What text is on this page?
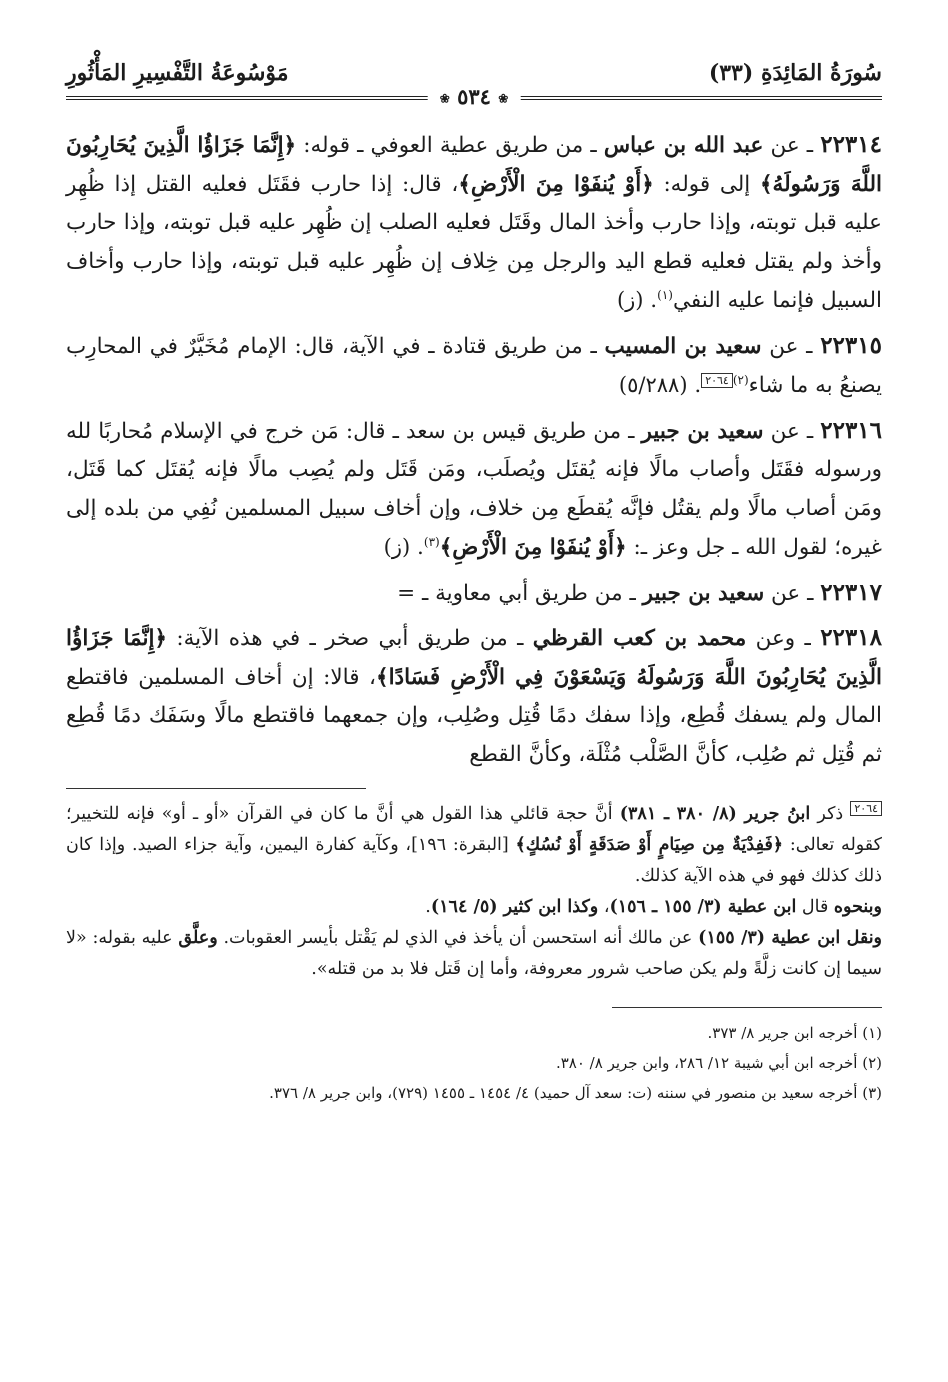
سُورَةُ المَائِدَةِ (٣٣)
مَوْسُوعَةُ التَّفْسِيرِ المَأْثُورِ
❀ ٥٣٤ ❀

٢٢٣١٤ ـ عن عبد الله بن عباس ـ من طريق عطية العوفي ـ قوله: ﴿إِنَّمَا جَزَاؤُا الَّذِينَ يُحَارِبُونَ اللَّهَ وَرَسُولَهُ﴾ إلى قوله: ﴿أَوْ يُنفَوْا مِنَ الْأَرْضِ﴾، قال: إذا حارب فقَتَل فعليه القتل إذا ظُهِر عليه قبل توبته، وإذا حارب وأخذ المال وقَتَل فعليه الصلب إن ظُهِر عليه قبل توبته، وإذا حارب وأخذ ولم يقتل فعليه قطع اليد والرجل مِن خِلاف إن ظُهِر عليه قبل توبته، وإذا حارب وأخاف السبيل فإنما عليه النفي$^{(١)}$. (ز)

٢٢٣١٥ ـ عن سعيد بن المسيب ـ من طريق قتادة ـ في الآية، قال: الإمام مُخَيَّرٌ في المحارِب يصنعُ به ما شاء$^{(٢)}$٢٠٦٤. (٥/٢٨٨)

٢٢٣١٦ ـ عن سعيد بن جبير ـ من طريق قيس بن سعد ـ قال: مَن خرج في الإسلام مُحاربًا لله ورسوله فقَتَل وأصاب مالًا فإنه يُقتَل ويُصلَب، ومَن قَتَل ولم يُصِب مالًا فإنه يُقتَل كما قَتَل، ومَن أصاب مالًا ولم يقتُل فإنَّه يُقطَع مِن خلاف، وإن أخاف سبيل المسلمين نُفِي من بلده إلى غيره؛ لقول الله ـ جل وعز ـ: ﴿أَوْ يُنفَوْا مِنَ الْأَرْضِ﴾$^{(٣)}$. (ز)

٢٢٣١٧ ـ عن سعيد بن جبير ـ من طريق أبي معاوية ـ =

٢٢٣١٨ ـ وعن محمد بن كعب القرظي ـ من طريق أبي صخر ـ في هذه الآية: ﴿إِنَّمَا جَزَاؤُا الَّذِينَ يُحَارِبُونَ اللَّهَ وَرَسُولَهُ وَيَسْعَوْنَ فِي الْأَرْضِ فَسَادًا﴾، قالا: إن أخاف المسلمين فاقتطع المال ولم يسفك قُطِع، وإذا سفك دمًا قُتِل وصُلِب، وإن جمعهما فاقتطع مالًا وسَفَك دمًا قُطِع ثم قُتِل ثم صُلِب، كأنَّ الصَّلْب مُثْلَة، وكأنَّ القطع

٢٠٦٤ ذكر ابنُ جرير (٨/ ٣٨٠ ـ ٣٨١) أنَّ حجة قائلي هذا القول هي أنَّ ما كان في القرآن «أو ـ أو» فإنه للتخيير؛ كقوله تعالى: ﴿فَفِدْيَةٌ مِن صِيَامٍ أَوْ صَدَقَةٍ أَوْ نُسُكٍ﴾ [البقرة: ١٩٦]، وكآية كفارة اليمين، وآية جزاء الصيد. وإذا كان ذلك كذلك فهو في هذه الآية كذلك.

وبنحوه قال ابن عطية (٣/ ١٥٥ ـ ١٥٦)، وكذا ابن كثير (٥/ ١٦٤).

ونقل ابن عطية (٣/ ١٥٥) عن مالك أنه استحسن أن يأخذ في الذي لم يَقْتل بأيسر العقوبات. وعلَّق عليه بقوله: «لا سيما إن كانت زلَّةً ولم يكن صاحب شرور معروفة، وأما إن قَتل فلا بد من قتله».

(١) أخرجه ابن جرير ٨/ ٣٧٣.

(٢) أخرجه ابن أبي شيبة ١٢/ ٢٨٦، وابن جرير ٨/ ٣٨٠.

(٣) أخرجه سعيد بن منصور في سننه (ت: سعد آل حميد) ٤/ ١٤٥٤ ـ ١٤٥٥ (٧٢٩)، وابن جرير ٨/ ٣٧٦.
